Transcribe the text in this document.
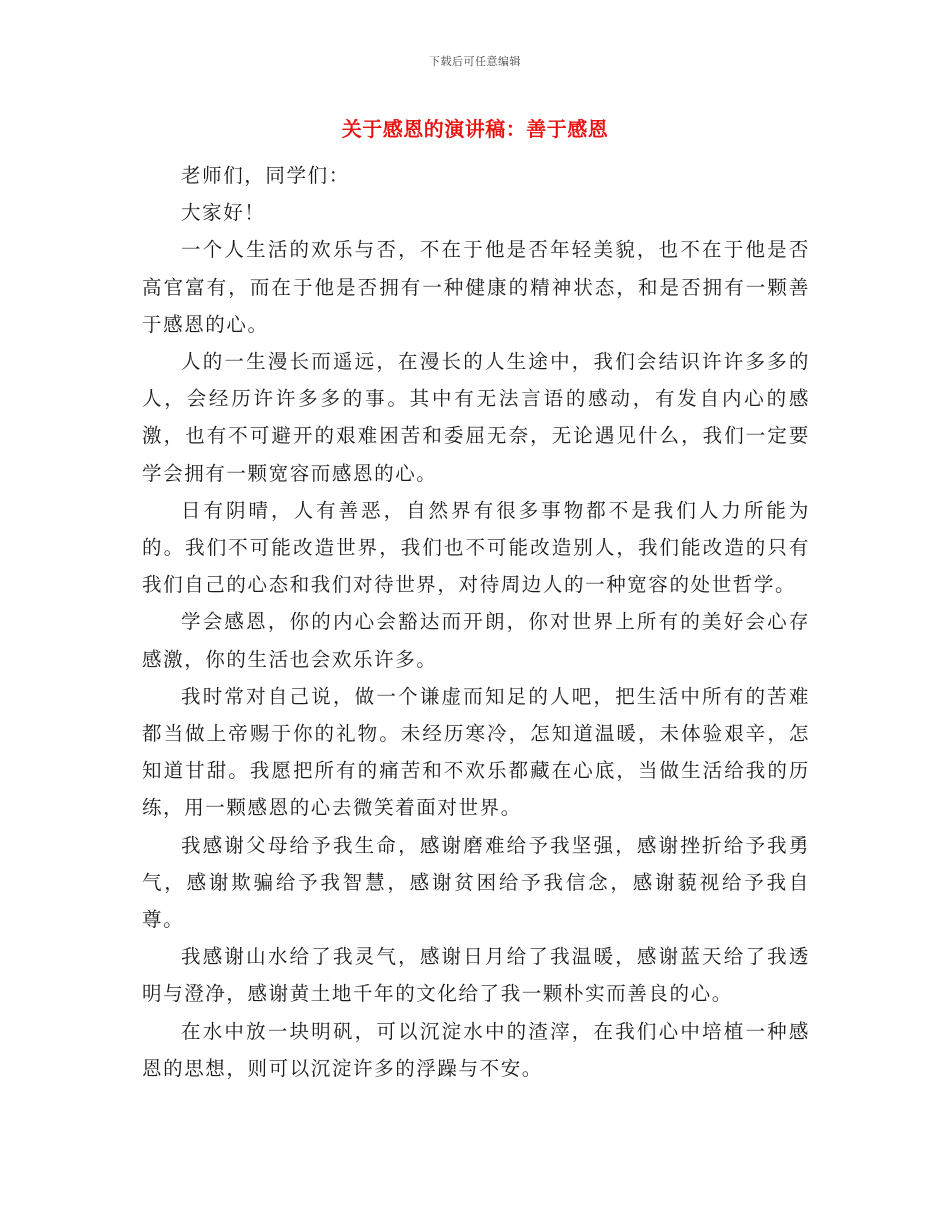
下载后可任意编辑
关于感恩的演讲稿：善于感恩

老师们，同学们：

大家好！

一个人生活的欢乐与否，不在于他是否年轻美貌，也不在于他是否高官富有，而在于他是否拥有一种健康的精神状态，和是否拥有一颗善于感恩的心。

人的一生漫长而遥远，在漫长的人生途中，我们会结识许许多多的人，会经历许许多多的事。其中有无法言语的感动，有发自内心的感激，也有不可避开的艰难困苦和委屈无奈，无论遇见什么，我们一定要学会拥有一颗宽容而感恩的心。

日有阴晴，人有善恶，自然界有很多事物都不是我们人力所能为的。我们不可能改造世界，我们也不可能改造别人，我们能改造的只有我们自己的心态和我们对待世界，对待周边人的一种宽容的处世哲学。

学会感恩，你的内心会豁达而开朗，你对世界上所有的美好会心存感激，你的生活也会欢乐许多。

我时常对自己说，做一个谦虚而知足的人吧，把生活中所有的苦难都当做上帝赐于你的礼物。未经历寒冷，怎知道温暖，未体验艰辛，怎知道甘甜。我愿把所有的痛苦和不欢乐都藏在心底，当做生活给我的历练，用一颗感恩的心去微笑着面对世界。

我感谢父母给予我生命，感谢磨难给予我坚强，感谢挫折给予我勇气，感谢欺骗给予我智慧，感谢贫困给予我信念，感谢藐视给予我自尊。

我感谢山水给了我灵气，感谢日月给了我温暖，感谢蓝天给了我透明与澄净，感谢黄土地千年的文化给了我一颗朴实而善良的心。

在水中放一块明矾，可以沉淀水中的渣滓，在我们心中培植一种感恩的思想，则可以沉淀许多的浮躁与不安。
